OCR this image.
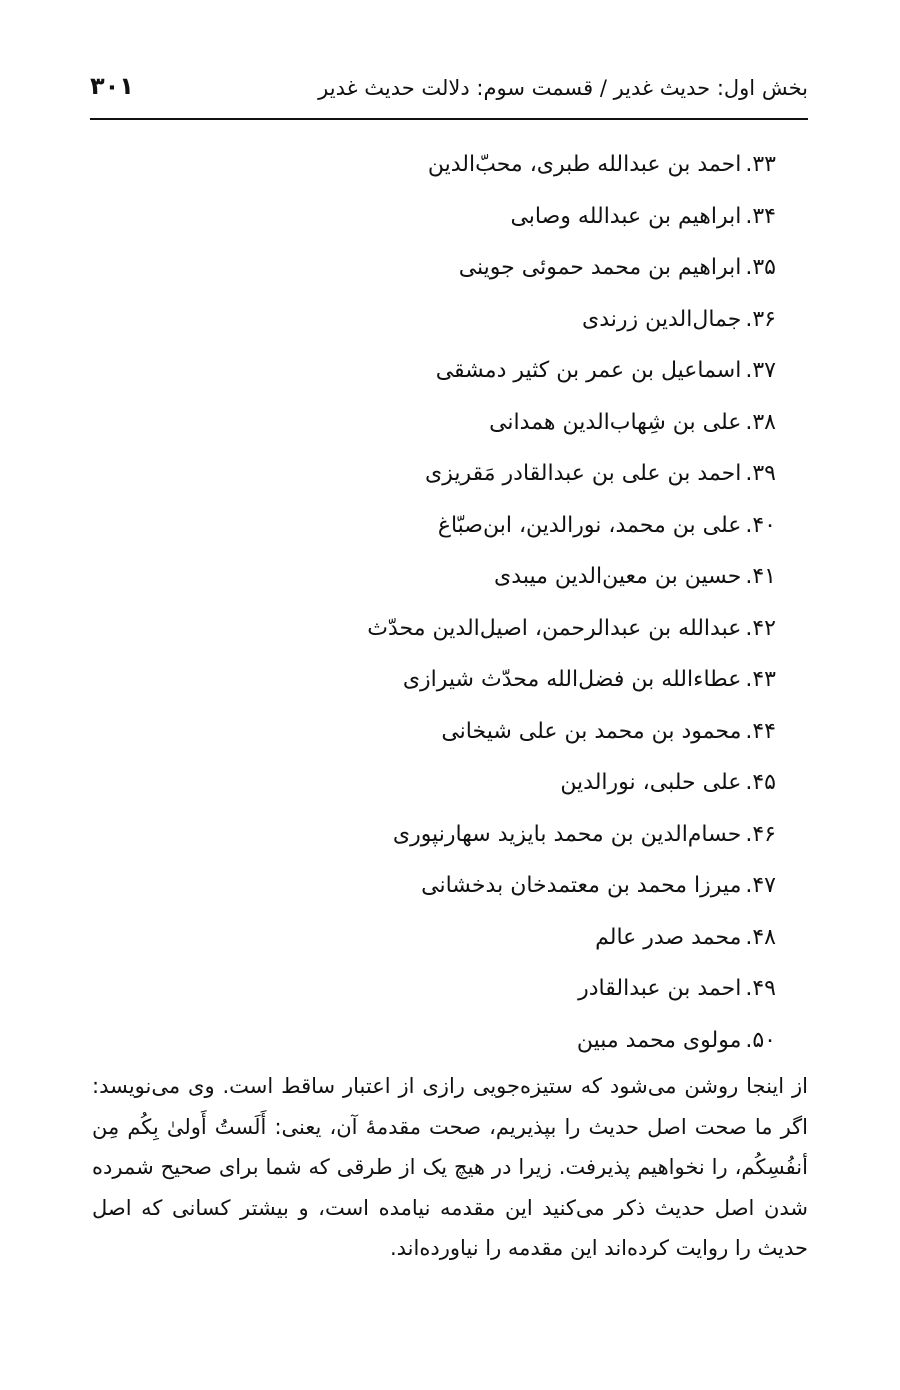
بخش اول: حدیث غدیر / قسمت سوم: دلالت حدیث غدیر
۳۰۱
۳۳.احمد بن عبدالله طبری، محبّ‌الدین
۳۴.ابراهیم بن عبدالله وصابی
۳۵.ابراهیم بن محمد حموئی جوینی
۳۶.جمال‌الدین زرندی
۳۷.اسماعیل بن عمر بن کثیر دمشقی
۳۸.علی بن شِهاب‌الدین همدانی
۳۹.احمد بن علی بن عبدالقادر مَقریزی
۴۰.علی بن محمد، نورالدین، ابن‌صبّاغ
۴۱.حسین بن معین‌الدین میبدی
۴۲.عبدالله بن عبدالرحمن، اصیل‌الدین محدّث
۴۳.عطاءالله بن فضل‌الله محدّث شیرازی
۴۴.محمود بن محمد بن علی شیخانی
۴۵.علی حلبی، نورالدین
۴۶.حسام‌الدین بن محمد بایزید سهارنپوری
۴۷.میرزا محمد بن معتمدخان بدخشانی
۴۸.محمد صدر عالم
۴۹.احمد بن عبدالقادر
۵۰.مولوی محمد مبین

از اینجا روشن می‌شود که ستیزه‌جویی رازی از اعتبار ساقط است. وی می‌نویسد: اگر ما صحت اصل حدیث را بپذیریم، صحت مقدمهٔ آن، یعنی: أَلَستُ أَولیٰ بِکُم مِن أنفُسِکُم، را نخواهیم پذیرفت. زیرا در هیچ یک از طرقی که شما برای صحیح شمرده شدن اصل حدیث ذکر می‌کنید این مقدمه نیامده است، و بیشتر کسانی که اصل حدیث را روایت کرده‌اند این مقدمه را نیاورده‌اند.
